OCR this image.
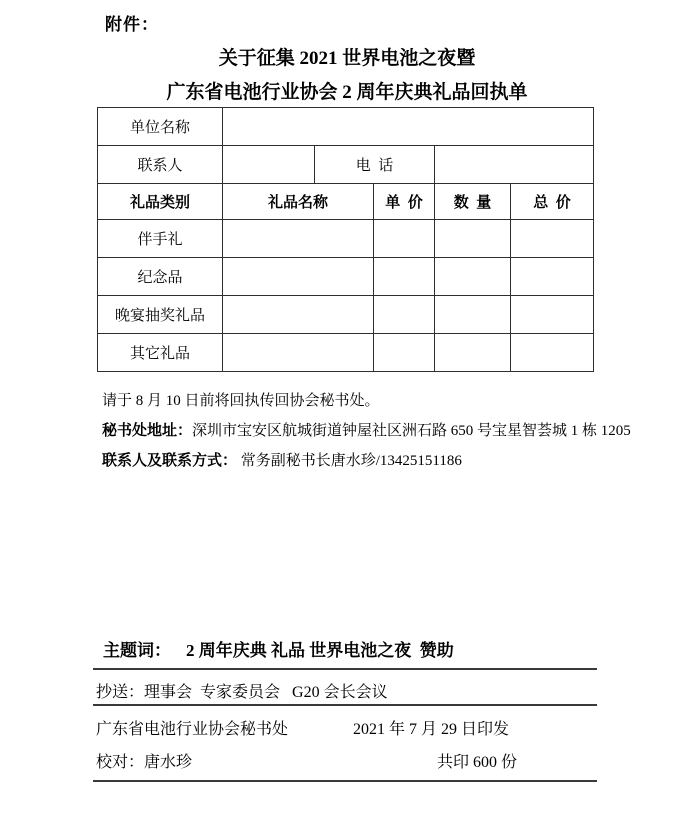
附件：
关于征集 2021 世界电池之夜暨
广东省电池行业协会 2 周年庆典礼品回执单
单位名称					
联系人		电  话			
礼品类别	礼品名称		单  价	数  量	总  价
伴手礼					
纪念品					
晚宴抽奖礼品					
其它礼品					

请于 8 月 10 日前将回执传回协会秘书处。

秘书处地址：深圳市宝安区航城街道钟屋社区洲石路 650 号宝星智荟城 1 栋 1205

联系人及联系方式： 常务副秘书长唐水珍/13425151186

主题词： 2 周年庆典 礼品 世界电池之夜  赞助
抄送：理事会  专家委员会   G20 会长会议
广东省电池行业协会秘书处	2021 年 7 月 29 日印发
校对：唐水珍	共印 600 份
